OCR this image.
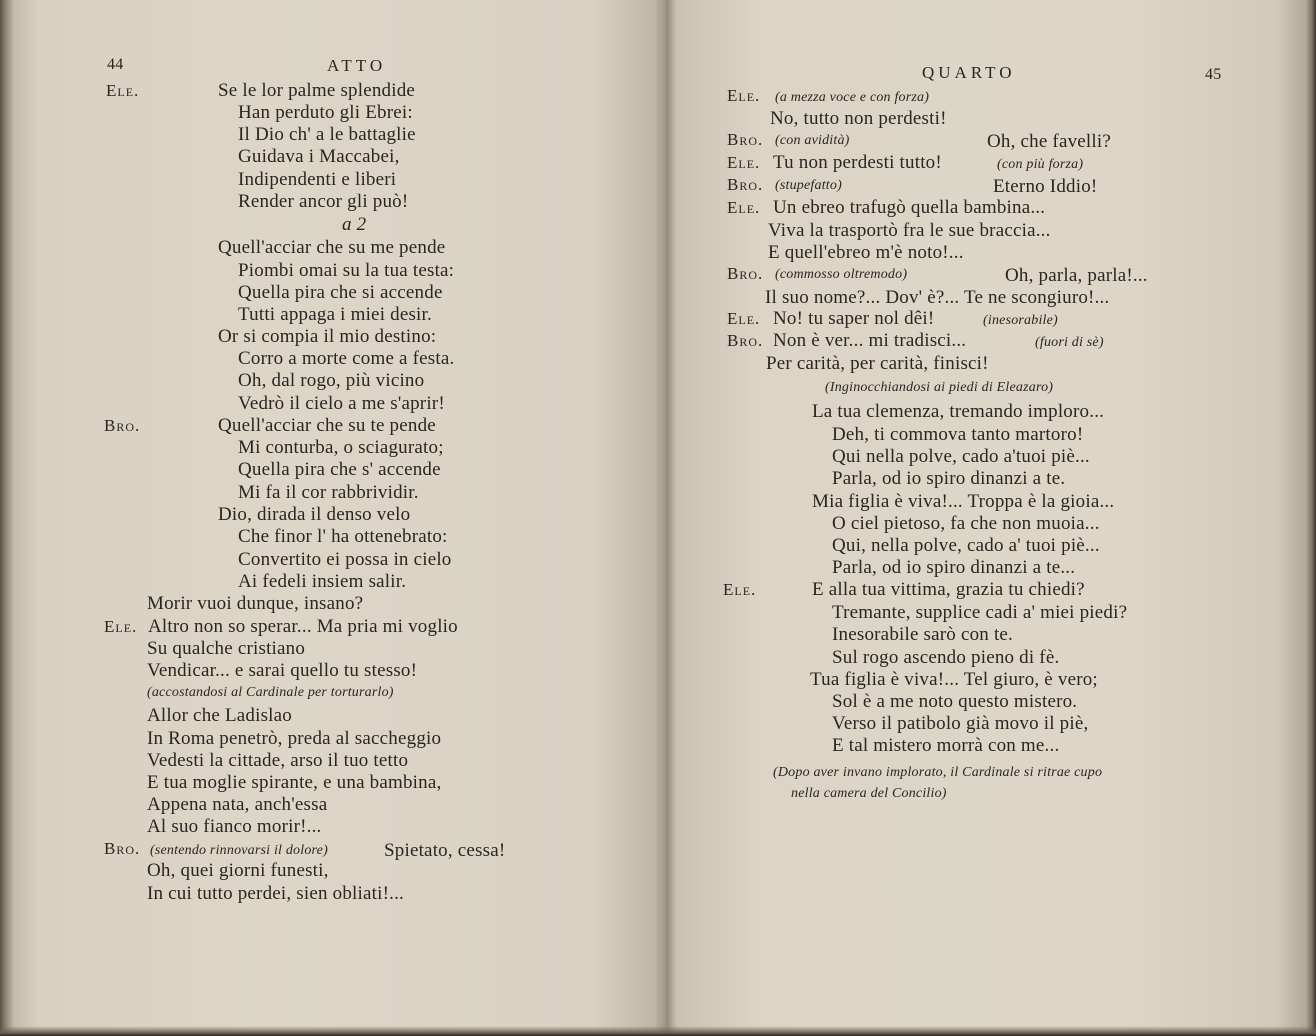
44	ATTO
Ele.	Se le lor palme splendide
Han perduto gli Ebrei:
Il Dio ch' a le battaglie
Guidava i Maccabei,
Indipendenti e liberi
Render ancor gli può!
a 2
Quell'acciar che su me pende
Piombi omai su la tua testa:
Quella pira che si accende
Tutti appaga i miei desir.
Or si compia il mio destino:
Corro a morte come a festa.
Oh, dal rogo, più vicino
Vedrò il cielo a me s'aprir!
Bro.	Quell'acciar che su te pende
Mi conturba, o sciagurato;
Quella pira che s' accende
Mi fa il cor rabbrividir.
Dio, dirada il denso velo
Che finor l' ha ottenebrato:
Convertito ei possa in cielo
Ai fedeli insiem salir.
Morir vuoi dunque, insano?
Ele. Altro non so sperar... Ma pria mi voglio
Su qualche cristiano
Vendicar... e sarai quello tu stesso!
(accostandosi al Cardinale per torturarlo)
Allor che Ladislao
In Roma penetrò, preda al saccheggio
Vedesti la cittade, arso il tuo tetto
E tua moglie spirante, e una bambina,
Appena nata, anch'essa
Al suo fianco morir!...
Bro. (sentendo rinnovarsi il dolore)	Spietato, cessa!
Oh, quei giorni funesti,
In cui tutto perdei, sien obliati!...
QUARTO	45
Ele. (a mezza voce e con forza)
No, tutto non perdesti!
Bro. (con avidità)	Oh, che favelli?
Ele. Tu non perdesti tutto!	(con più forza)
Bro. (stupefatto)	Eterno Iddio!
Ele. Un ebreo trafugò quella bambina...
Viva la trasportò fra le sue braccia...
E quell'ebreo m'è noto!...
Bro. (commosso oltremodo)	Oh, parla, parla!...
Il suo nome?... Dov' è?... Te ne scongiuro!...
Ele. No! tu saper nol dêi!	(inesorabile)
Bro. Non è ver... mi tradisci...	(fuori di sè)
Per carità, per carità, finisci!
(Inginocchiandosi ai piedi di Eleazaro)
La tua clemenza, tremando imploro...
Deh, ti commova tanto martoro!
Qui nella polve, cado a'tuoi piè...
Parla, od io spiro dinanzi a te.
Mia figlia è viva!... Troppa è la gioia...
O ciel pietoso, fa che non muoia...
Qui, nella polve, cado a' tuoi piè...
Parla, od io spiro dinanzi a te...
Ele.	E alla tua vittima, grazia tu chiedi?
Tremante, supplice cadi a' miei piedi?
Inesorabile sarò con te.
Sul rogo ascendo pieno di fè.
Tua figlia è viva!... Tel giuro, è vero;
Sol è a me noto questo mistero.
Verso il patibolo già movo il piè,
E tal mistero morrà con me...
(Dopo aver invano implorato, il Cardinale si ritrae cupo
nella camera del Concilio)
